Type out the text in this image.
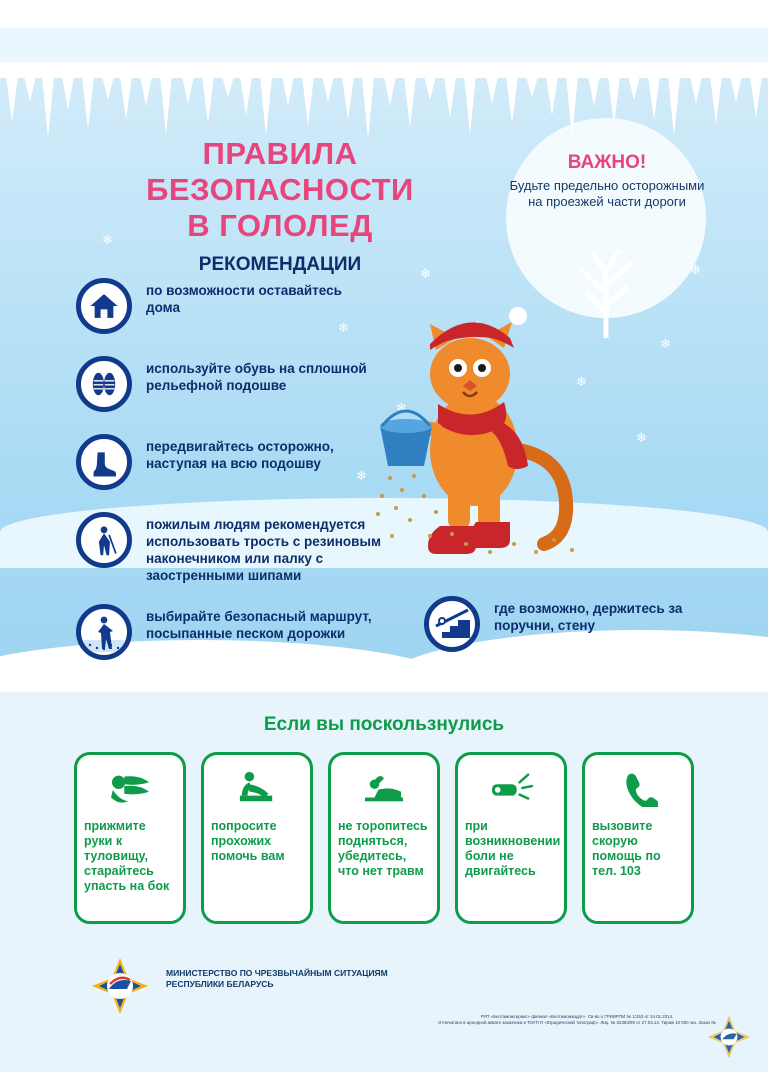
❄
❄
❄
❄
❄
❄
❄
❄
❄
ПРАВИЛА
БЕЗОПАСНОСТИ
В ГОЛОЛЕД
РЕКОМЕНДАЦИИ
ВАЖНО!
Будьте предельно осторожными на проезжей части дороги
по возможности оставайтесь дома
используйте обувь на сплошной рельефной подошве
передвигайтесь осторожно, наступая на всю подошву
пожилым людям рекомендуется использовать трость с резиновым наконечником или палку с заостренными шипами
выбирайте безопасный маршрут, посыпанные песком дорожки
где возможно, держитесь за поручни, стену
Если вы поскользнулись
прижмите руки к туловищу, старайтесь упасть на бок
попросите прохожих помочь вам
не торопитесь подняться, убедитесь, что нет травм
при возникновении боли не двигайтесь
вызовите скорую помощь по тел. 103
МИНИСТЕРСТВО ПО ЧРЕЗВЫЧАЙНЫМ СИТУАЦИЯМ
РЕСПУБЛИКИ БЕЛАРУСЬ
РУП «Белтаможсервис» филиал «Белтаможиздат». Св-во о ГРИИРПИ № 1/153 от 24.01.2014.
Отпечатано в арендной аквате заказчика в ТОУП П «Юридический типограф». Лиц. № 02383/59 от 27.03.14. Тираж 10 000 экз. Заказ №
